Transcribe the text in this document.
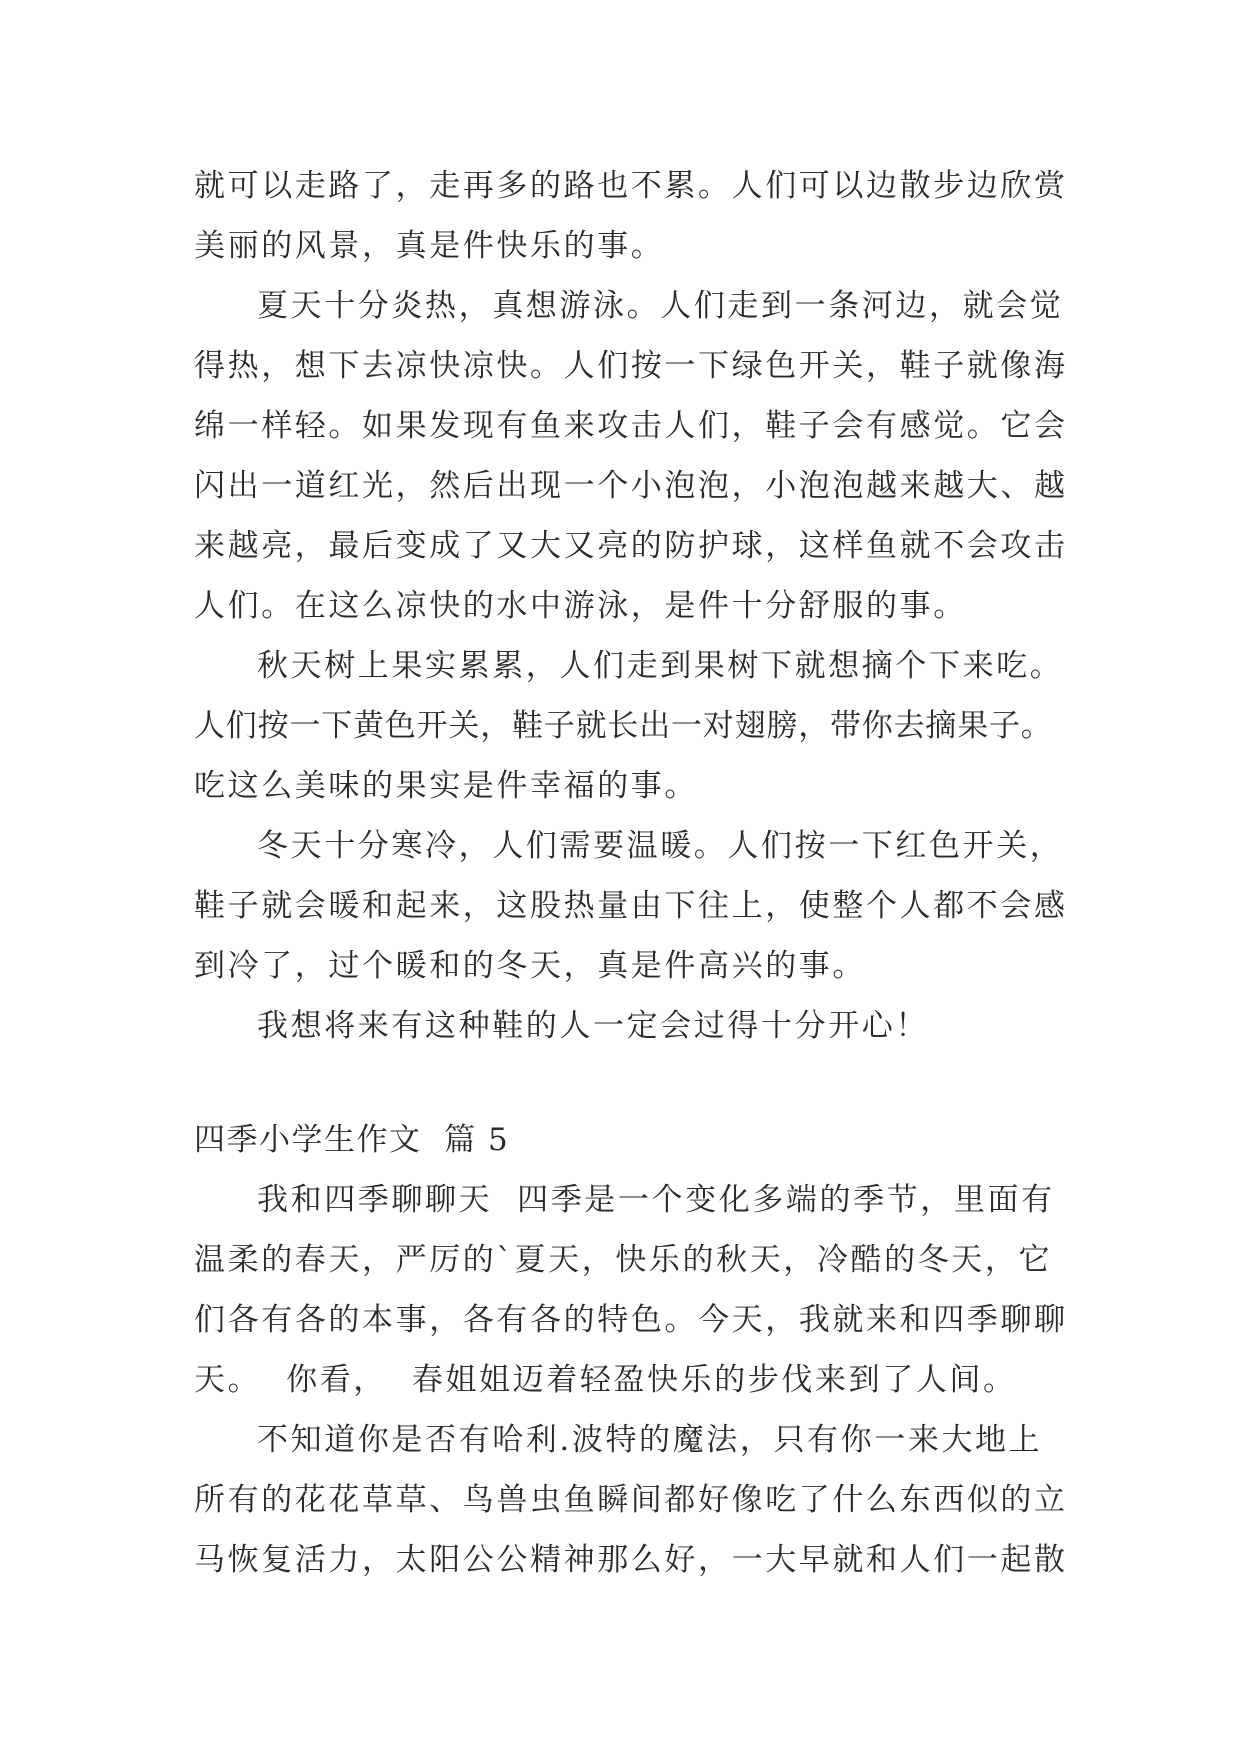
就可以走路了，走再多的路也不累。人们可以边散步边欣赏
美丽的风景，真是件快乐的事。
夏天十分炎热，真想游泳。人们走到一条河边，就会觉
得热，想下去凉快凉快。人们按一下绿色开关，鞋子就像海
绵一样轻。如果发现有鱼来攻击人们，鞋子会有感觉。它会
闪出一道红光，然后出现一个小泡泡，小泡泡越来越大、越
来越亮，最后变成了又大又亮的防护球，这样鱼就不会攻击
人们。在这么凉快的水中游泳，是件十分舒服的事。
秋天树上果实累累，人们走到果树下就想摘个下来吃。
人们按一下黄色开关，鞋子就长出一对翅膀，带你去摘果子。
吃这么美味的果实是件幸福的事。
冬天十分寒冷，人们需要温暖。人们按一下红色开关，
鞋子就会暖和起来，这股热量由下往上，使整个人都不会感
到冷了，过个暖和的冬天，真是件高兴的事。
我想将来有这种鞋的人一定会过得十分开心！
四季小学生作文  篇 5
我和四季聊聊天  四季是一个变化多端的季节，里面有
温柔的春天，严厉的`夏天，快乐的秋天，冷酷的冬天，它
们各有各的本事，各有各的特色。今天，我就来和四季聊聊
天。  你看，  春姐姐迈着轻盈快乐的步伐来到了人间。
不知道你是否有哈利.波特的魔法，只有你一来大地上
所有的花花草草、鸟兽虫鱼瞬间都好像吃了什么东西似的立
马恢复活力，太阳公公精神那么好，一大早就和人们一起散
